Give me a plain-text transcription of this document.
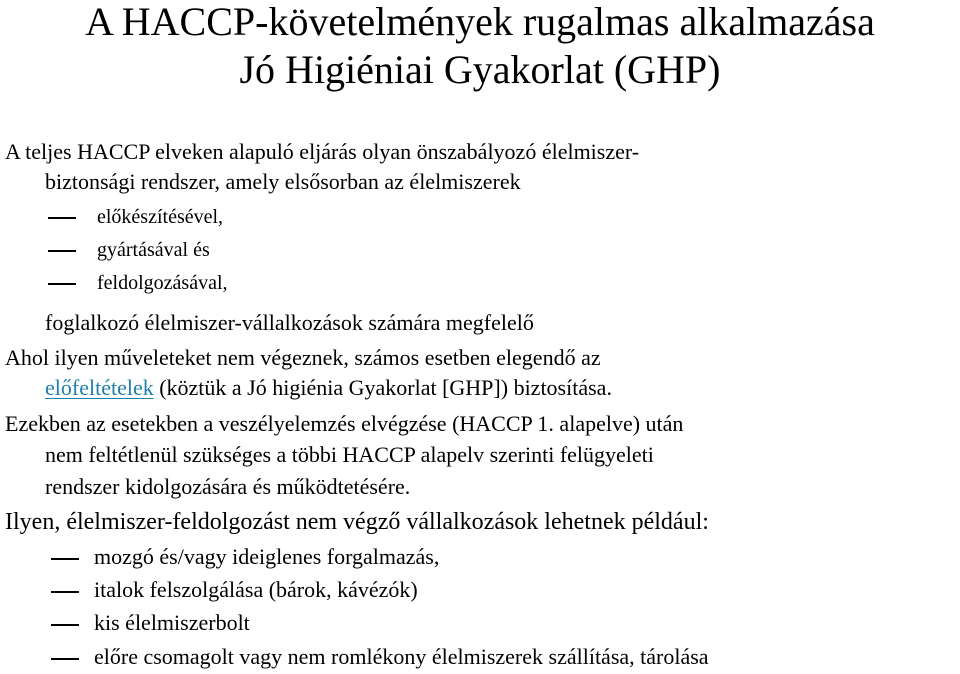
A HACCP-követelmények rugalmas alkalmazása
Jó Higiéniai Gyakorlat (GHP)
A teljes HACCP elveken alapuló eljárás olyan önszabályozó élelmiszer-
biztonsági rendszer, amely elsősorban az élelmiszerek
előkészítésével,
gyártásával és
feldolgozásával,
foglalkozó élelmiszer-vállalkozások számára megfelelő
Ahol ilyen műveleteket nem végeznek, számos esetben elegendő az
előfeltételek (köztük a Jó higiénia Gyakorlat [GHP]) biztosítása.
Ezekben az esetekben a veszélyelemzés elvégzése (HACCP 1. alapelve) után
nem feltétlenül szükséges a többi HACCP alapelv szerinti felügyeleti
rendszer kidolgozására és működtetésére.
Ilyen, élelmiszer-feldolgozást nem végző vállalkozások lehetnek például:
mozgó és/vagy ideiglenes forgalmazás,
italok felszolgálása (bárok, kávézók)
kis élelmiszerbolt
előre csomagolt vagy nem romlékony élelmiszerek szállítása, tárolása
